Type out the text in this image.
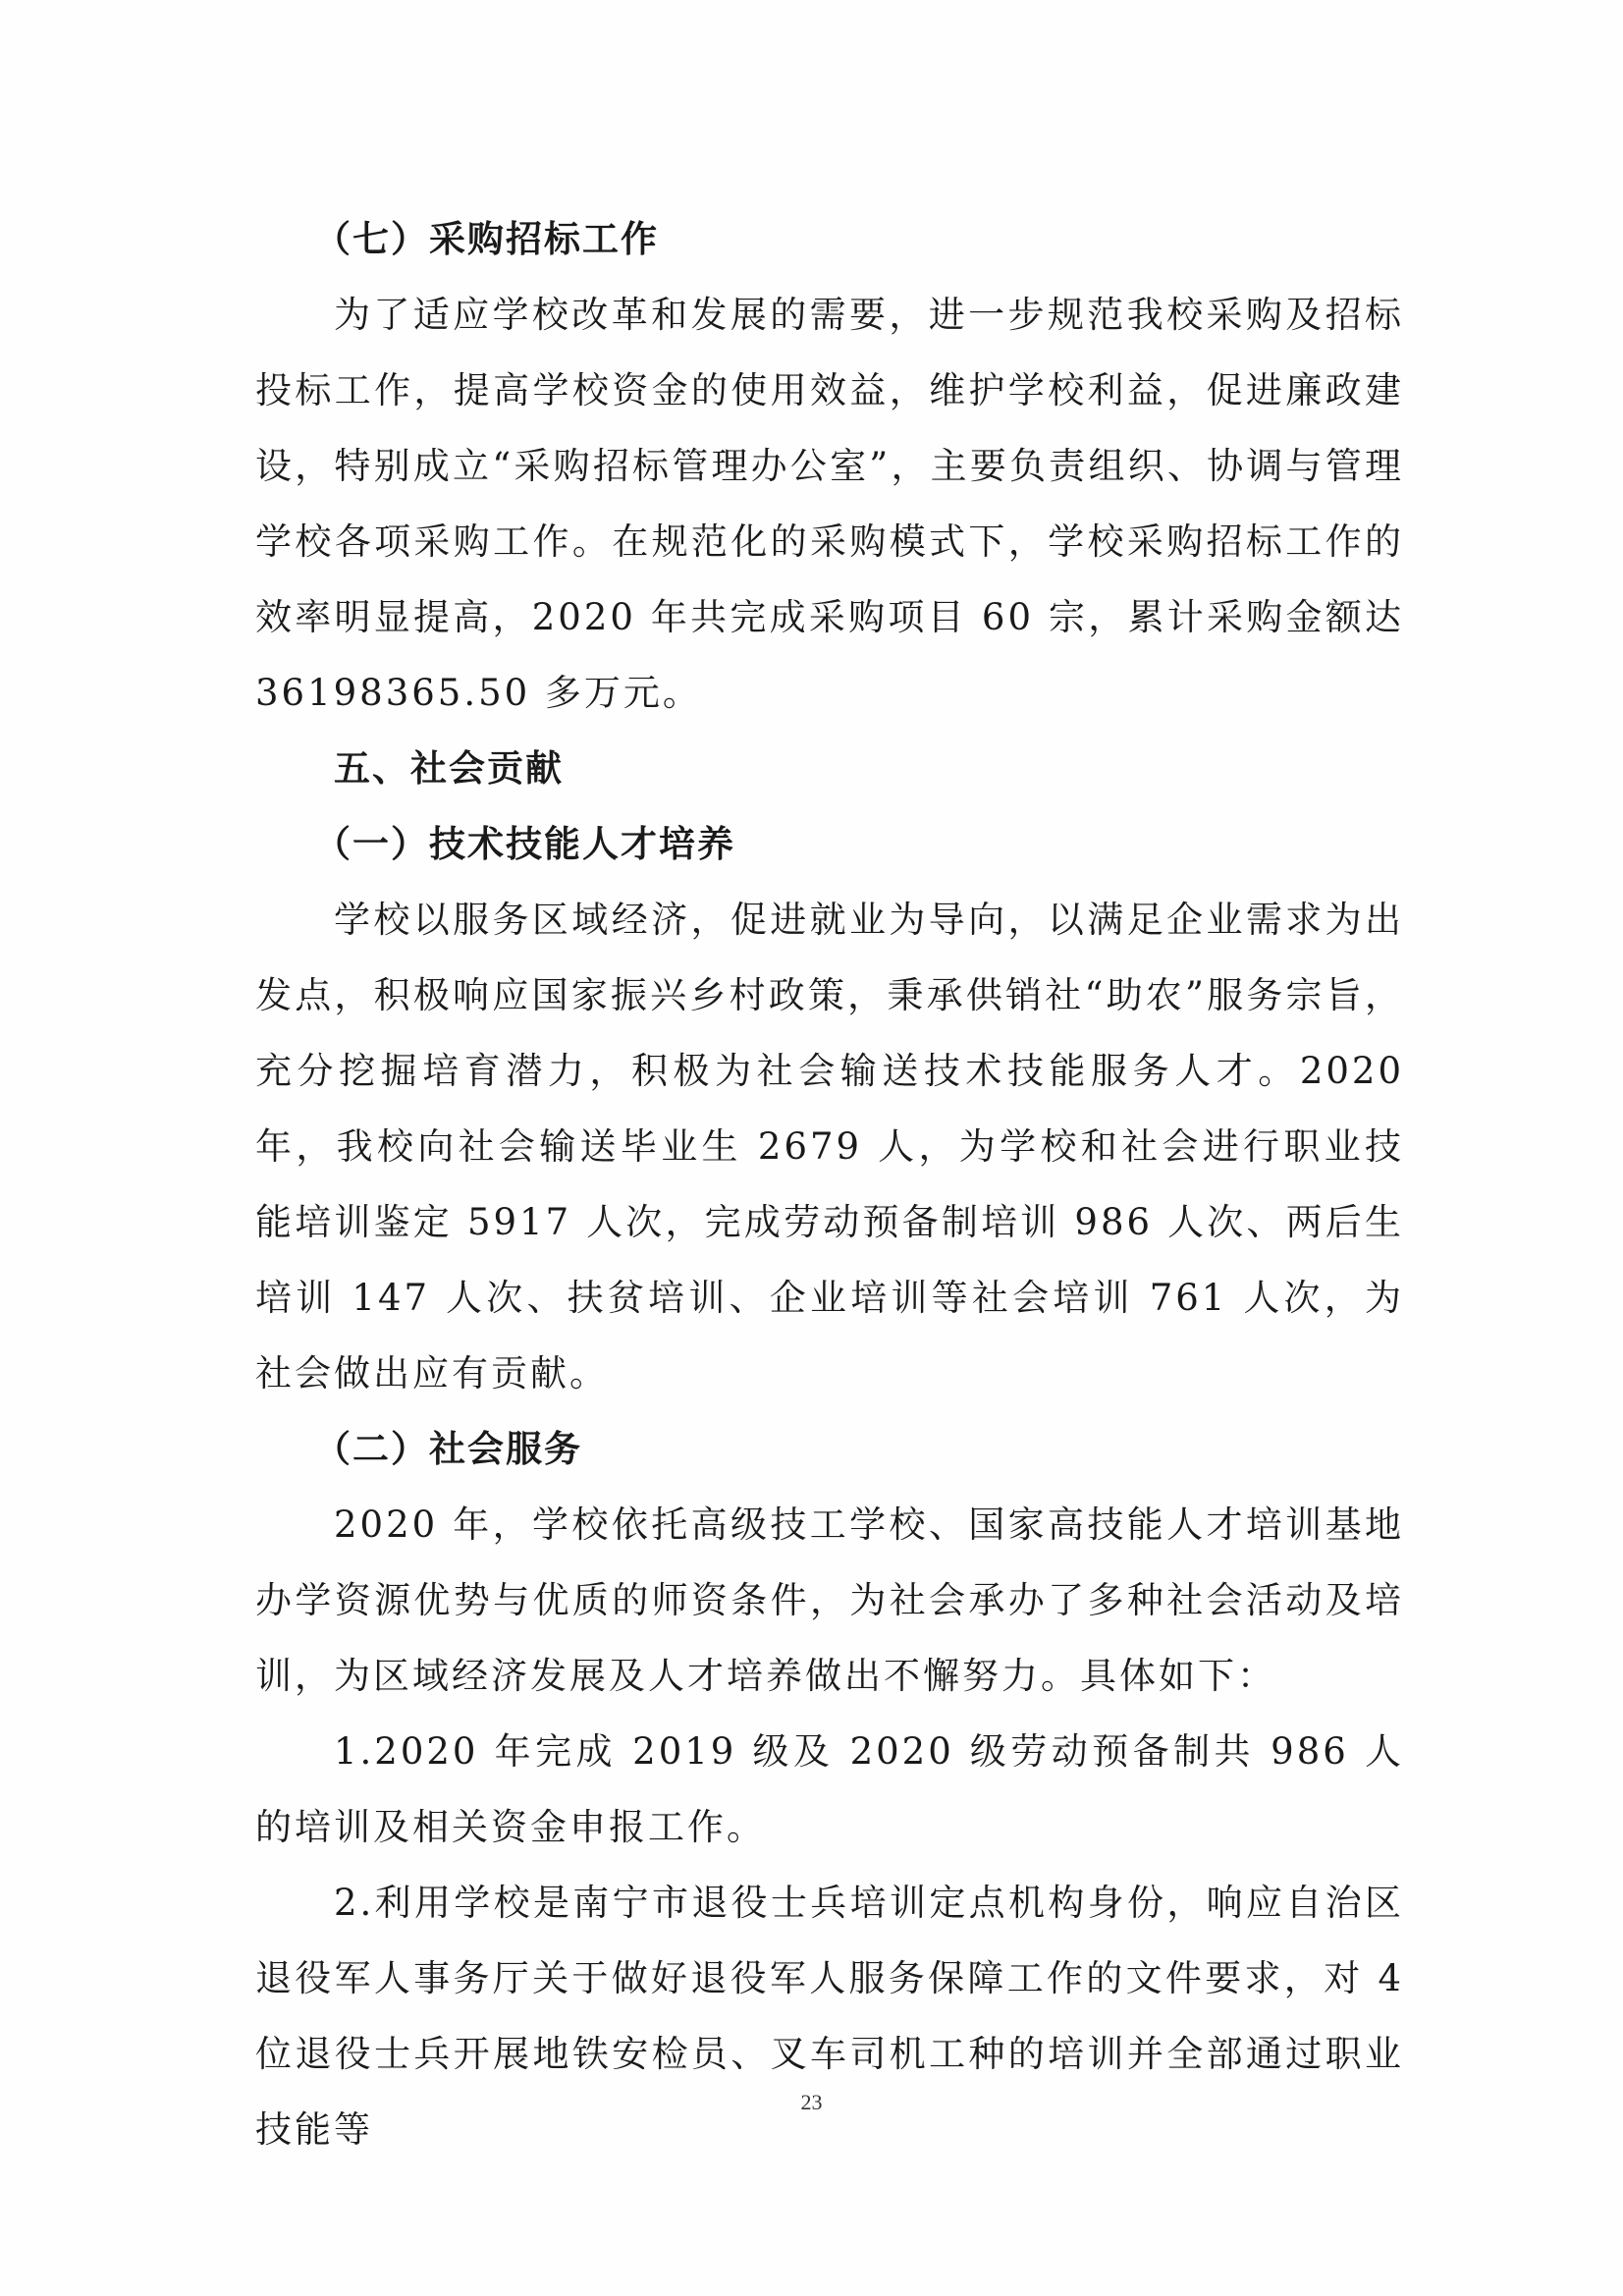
（七）采购招标工作
为了适应学校改革和发展的需要，进一步规范我校采购及招标投标工作，提高学校资金的使用效益，维护学校利益，促进廉政建设，特别成立“采购招标管理办公室”，主要负责组织、协调与管理学校各项采购工作。在规范化的采购模式下，学校采购招标工作的效率明显提高，2020 年共完成采购项目 60 宗，累计采购金额达 36198365.50 多万元。
五、社会贡献
（一）技术技能人才培养
学校以服务区域经济，促进就业为导向，以满足企业需求为出发点，积极响应国家振兴乡村政策，秉承供销社“助农”服务宗旨，充分挖掘培育潜力，积极为社会输送技术技能服务人才。2020 年，我校向社会输送毕业生 2679 人，为学校和社会进行职业技能培训鉴定 5917 人次，完成劳动预备制培训 986 人次、两后生培训 147 人次、扶贫培训、企业培训等社会培训 761 人次，为社会做出应有贡献。
（二）社会服务
2020 年，学校依托高级技工学校、国家高技能人才培训基地办学资源优势与优质的师资条件，为社会承办了多种社会活动及培训，为区域经济发展及人才培养做出不懈努力。具体如下：
1.2020 年完成 2019 级及 2020 级劳动预备制共 986 人的培训及相关资金申报工作。
2.利用学校是南宁市退役士兵培训定点机构身份，响应自治区退役军人事务厅关于做好退役军人服务保障工作的文件要求，对 4 位退役士兵开展地铁安检员、叉车司机工种的培训并全部通过职业技能等
23
